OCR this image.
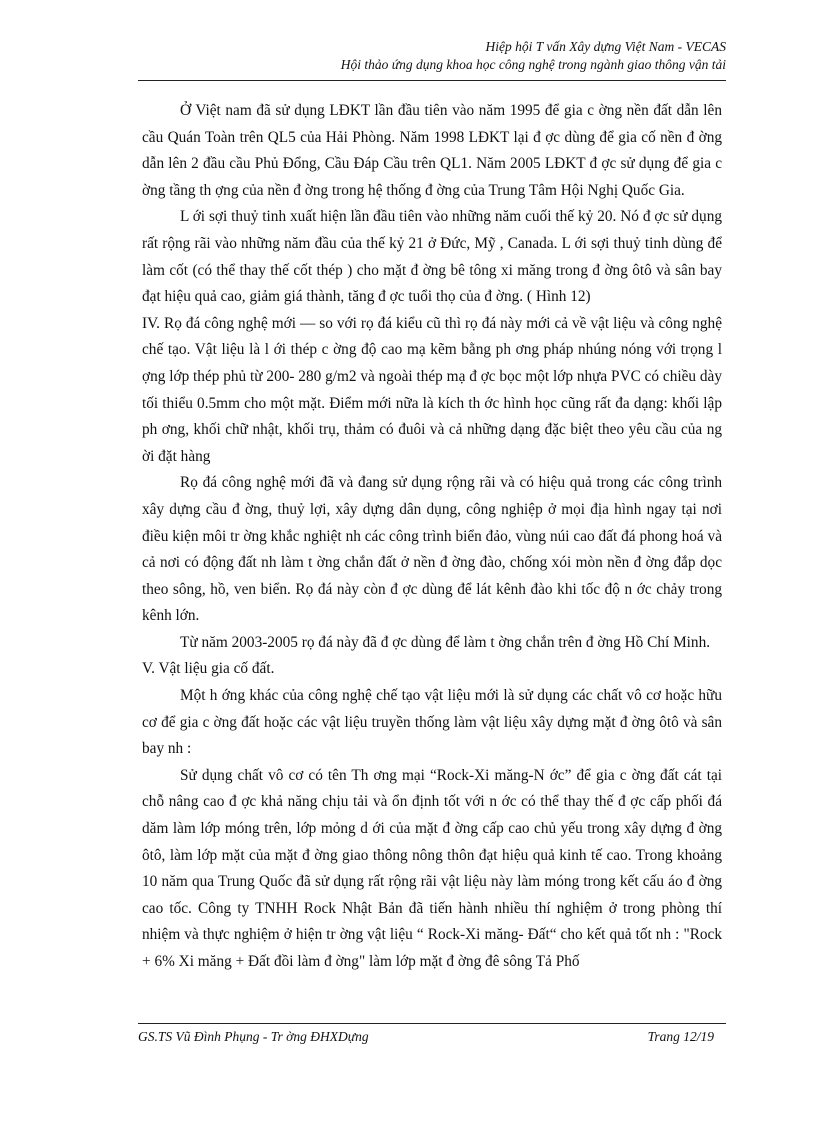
Hiệp hội T vấn Xây dựng Việt Nam - VECAS
Hội thảo ứng dụng khoa học công nghệ trong ngành giao thông vận tải

Ở Việt nam đã sử dụng LĐKT lần đầu tiên vào năm 1995 để gia c ờng nền đất dẫn lên cầu Quán Toàn trên QL5 của Hải Phòng. Năm 1998 LĐKT lại đ ợc dùng để gia cố nền đ ờng dẫn lên 2 đầu cầu Phủ Đổng, Cầu Đáp Cầu trên QL1. Năm 2005 LĐKT đ ợc sử dụng để gia c ờng tầng th ợng của nền đ ờng trong hệ thống đ ờng của Trung Tâm Hội Nghị Quốc Gia.

L ới sợi thuỷ tinh xuất hiện lần đầu tiên vào những năm cuối thế kỷ 20. Nó đ ợc sử dụng rất rộng rãi vào những năm đầu của thế kỷ 21 ở Đức, Mỹ , Canada. L ới sợi thuỷ tinh dùng để làm cốt (có thể thay thế cốt thép ) cho mặt đ ờng bê tông xi măng trong đ ờng ôtô và sân bay đạt hiệu quả cao, giảm giá thành, tăng đ ợc tuổi thọ của đ ờng. ( Hình 12)

IV. Rọ đá công nghệ mới — so với rọ đá kiểu cũ thì rọ đá này mới cả về vật liệu và công nghệ chế tạo. Vật liệu là l ới thép c ờng độ cao mạ kẽm bằng ph ơng pháp nhúng nóng với trọng l ợng lớp thép phủ từ 200- 280 g/m2 và ngoài thép mạ đ ợc bọc một lớp nhựa PVC có chiều dày tối thiểu 0.5mm cho một mặt. Điểm mới nữa là kích th ớc hình học cũng rất đa dạng: khối lập ph ơng, khối chữ nhật, khối trụ, thảm có đuôi và cả những dạng đặc biệt theo yêu cầu của ng ời đặt hàng

Rọ đá công nghệ mới đã và đang sử dụng rộng rãi và có hiệu quả trong các công trình xây dựng cầu đ ờng, thuỷ lợi, xây dựng dân dụng, công nghiệp ở mọi địa hình ngay tại nơi điều kiện môi tr ờng khắc nghiệt nh các công trình biển đảo, vùng núi cao đất đá phong hoá và cả nơi có động đất nh làm t ờng chắn đất ở nền đ ờng đào, chống xói mòn nền đ ờng đắp dọc theo sông, hồ, ven biển. Rọ đá này còn đ ợc dùng để lát kênh đào khi tốc độ n ớc chảy trong kênh lớn.

Từ năm 2003-2005 rọ đá này đã đ ợc dùng để làm t ờng chắn trên đ ờng Hồ Chí Minh.

V. Vật liệu gia cố đất.

Một h ớng khác của công nghệ chế tạo vật liệu mới là sử dụng các chất vô cơ hoặc hữu cơ để gia c ờng đất hoặc các vật liệu truyền thống làm vật liệu xây dựng mặt đ ờng ôtô và sân bay nh :

Sử dụng chất vô cơ có tên Th ơng mại “Rock-Xi măng-N ớc” để gia c ờng đất cát tại chỗ nâng cao đ ợc khả năng chịu tải và ổn định tốt với n ớc có thể thay thế đ ợc cấp phối đá dăm làm lớp móng trên, lớp mỏng d ới của mặt đ ờng cấp cao chủ yếu trong xây dựng đ ờng ôtô, làm lớp mặt của mặt đ ờng giao thông nông thôn đạt hiệu quả kinh tế cao. Trong khoảng 10 năm qua Trung Quốc đã sử dụng rất rộng rãi vật liệu này làm móng trong kết cấu áo đ ờng cao tốc. Công ty TNHH Rock Nhật Bản đã tiến hành nhiều thí nghiệm ở trong phòng thí nhiệm và thực nghiệm ở hiện tr ờng vật liệu “ Rock-Xi măng- Đất“ cho kết quả tốt nh : "Rock + 6% Xi măng + Đất đồi làm đ ờng" làm lớp mặt đ ờng đê sông Tả Phố

GS.TS Vũ Đình Phụng - Tr ờng ĐHXDựng	Trang 12/19
